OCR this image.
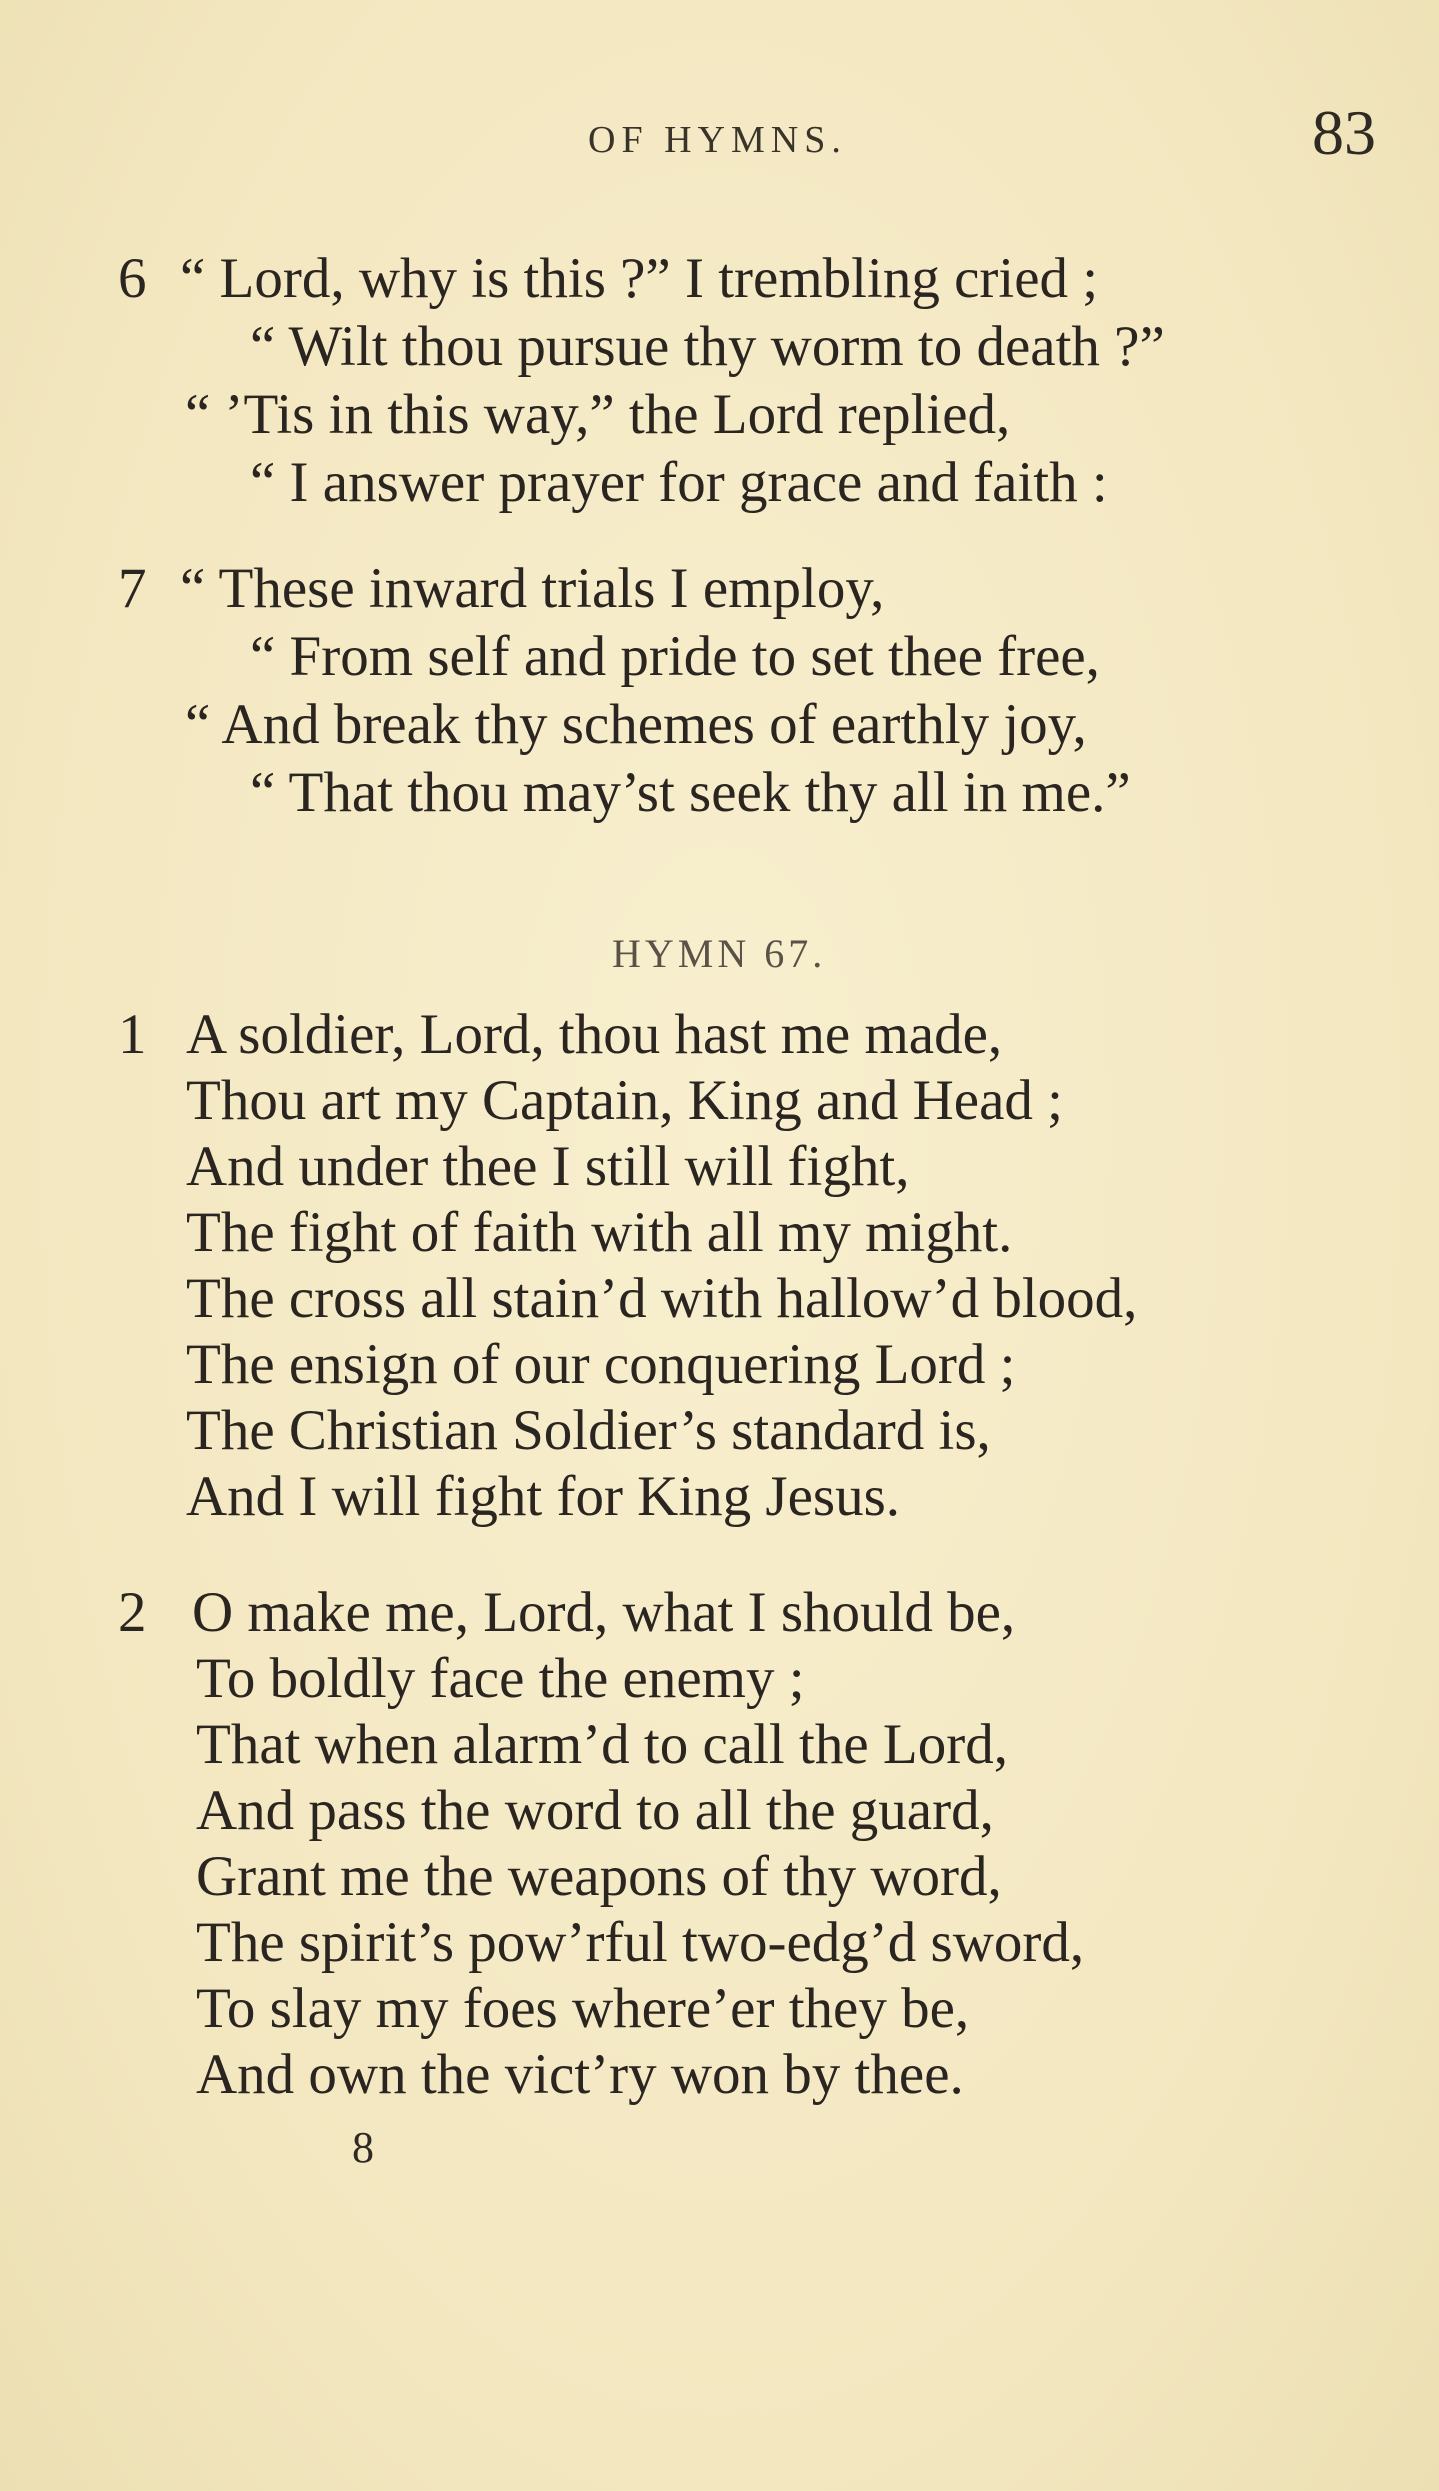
OF HYMNS.	83
6 “ Lord, why is this ?” I trembling cried ;
“ Wilt thou pursue thy worm to death ?”
“ ’Tis in this way,” the Lord replied,
“ I answer prayer for grace and faith :
7 “ These inward trials I employ,
“ From self and pride to set thee free,
“ And break thy schemes of earthly joy,
“ That thou may’st seek thy all in me.”
HYMN 67.
1 A soldier, Lord, thou hast me made,
Thou art my Captain, King and Head ;
And under thee I still will fight,
The fight of faith with all my might.
The cross all stain’d with hallow’d blood,
The ensign of our conquering Lord ;
The Christian Soldier’s standard is,
And I will fight for King Jesus.
2 O make me, Lord, what I should be,
To boldly face the enemy ;
That when alarm’d to call the Lord,
And pass the word to all the guard,
Grant me the weapons of thy word,
The spirit’s pow’rful two-edg’d sword,
To slay my foes where’er they be,
And own the vict’ry won by thee.
8
